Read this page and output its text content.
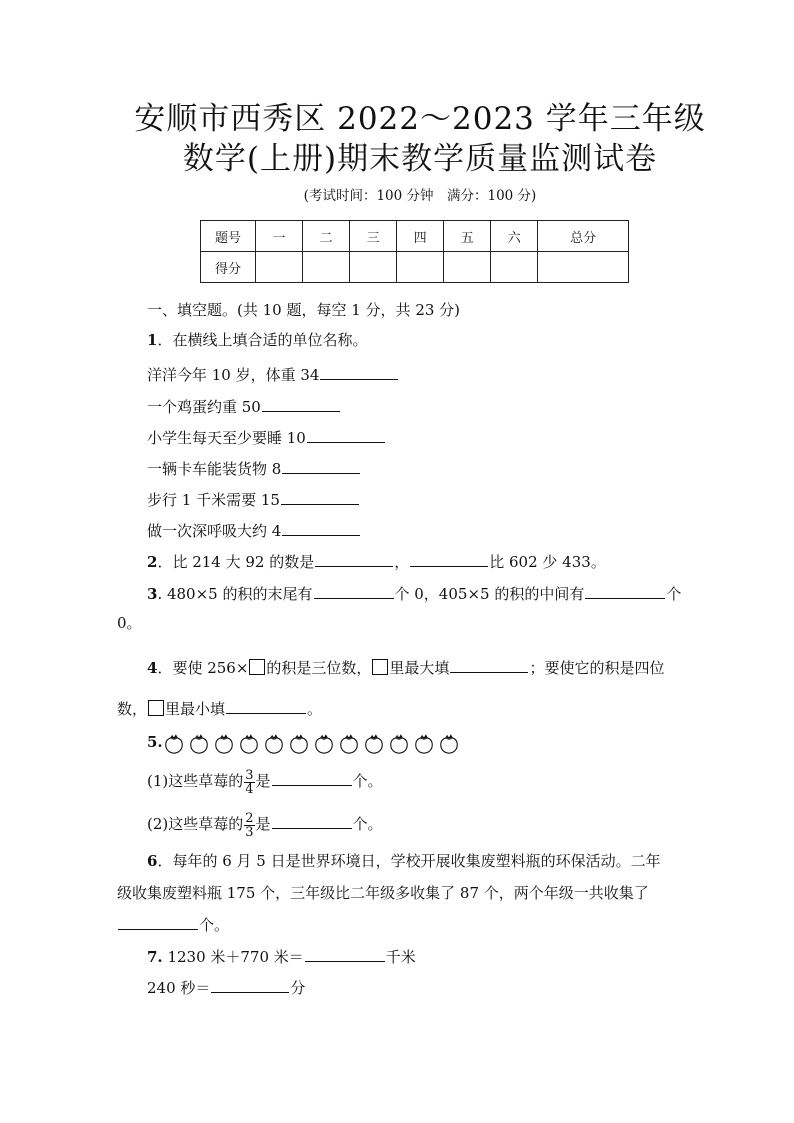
安顺市西秀区 2022～2023 学年三年级
数学(上册)期末教学质量监测试卷
(考试时间：100 分钟　满分：100 分)
题号	一	二	三	四	五	六	总分
得分							
一、填空题。(共 10 题，每空 1 分，共 23 分)
1．在横线上填合适的单位名称。
洋洋今年 10 岁，体重 34
一个鸡蛋约重 50
小学生每天至少要睡 10
一辆卡车能装货物 8
步行 1 千米需要 15
做一次深呼吸大约 4
2．比 214 大 92 的数是	，	比 602 少 433。
3. 480×5 的积的末尾有	个 0，405×5 的积的中间有	个
0。
4．要使 256× 的积是三位数， 里最大填	；要使它的积是四位
数， 里最小填	。
5.
(1)这些草莓的 $\frac{3}{4}$ 是	个。
(2)这些草莓的 $\frac{2}{3}$ 是	个。
6．每年的 6 月 5 日是世界环境日，学校开展收集废塑料瓶的环保活动。二年
级收集废塑料瓶 175 个，三年级比二年级多收集了 87 个，两个年级一共收集了
个。
7. 1230 米＋770 米＝	千米
240 秒＝	分
